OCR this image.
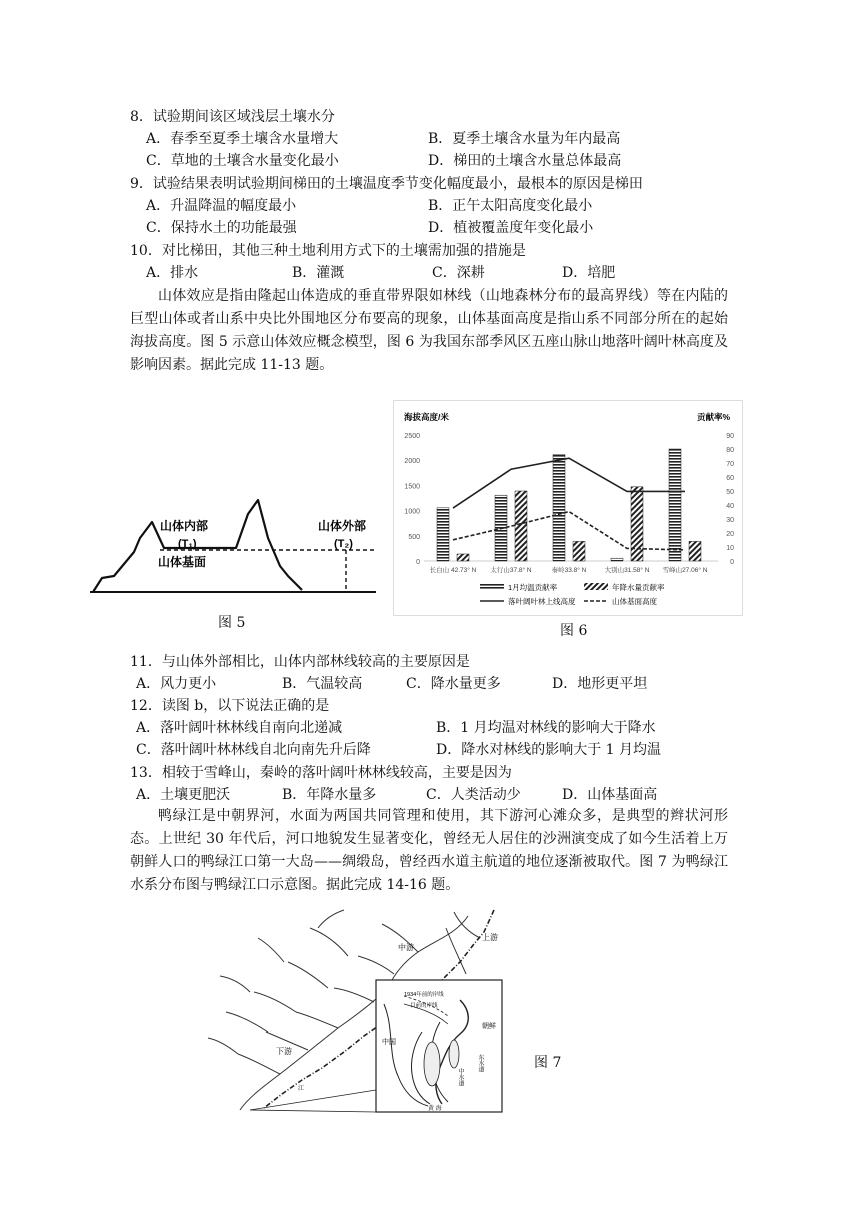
8．试验期间该区域浅层土壤水分
A．春季至夏季土壤含水量增大	B．夏季土壤含水量为年内最高
C．草地的土壤含水量变化最小	D．梯田的土壤含水量总体最高
9．试验结果表明试验期间梯田的土壤温度季节变化幅度最小，最根本的原因是梯田
A．升温降温的幅度最小	B．正午太阳高度变化最小
C．保持水土的功能最强	D．植被覆盖度年变化最小
10．对比梯田，其他三种土地利用方式下的土壤需加强的措施是
A．排水	B．灌溉	C．深耕	D．培肥
山体效应是指由隆起山体造成的垂直带界限如林线（山地森林分布的最高界线）等在内陆的巨型山体或者山系中央比外围地区分布要高的现象，山体基面高度是指山系不同部分所在的起始海拔高度。图 5 示意山体效应概念模型，图 6 为我国东部季风区五座山脉山地落叶阔叶林高度及影响因素。据此完成 11-13 题。
山体内部
(T₁)
山体基面
山体外部
(T₂)
图 5
海拔高度/米	贡献率%
0
500
1000
1500
2000
2500
0
10
20
30
40
50
60
70
80
90
长白山 42.73° N 太行山37.8° N	秦岭33.8° N	大别山31.58° N 雪峰山27.06° N
1月均温贡献率	年降水量贡献率
落叶阔叶林上线高度	山体基面高度
图 6
11．与山体外部相比，山体内部林线较高的主要原因是
A．风力更小	B．气温较高	C．降水量更多	D．地形更平坦
12．读图 b，以下说法正确的是
A．落叶阔叶林林线自南向北递减	B．1 月均温对林线的影响大于降水
C．落叶阔叶林林线自北向南先升后降	D．降水对林线的影响大于 1 月均温
13．相较于雪峰山，秦岭的落叶阔叶林林线较高，主要是因为
A．土壤更肥沃	B．年降水量多	C．人类活动少	D．山体基面高
鸭绿江是中朝界河，水面为两国共同管理和使用，其下游河心滩众多，是典型的辫状河形态。上世纪 30 年代后，河口地貌发生显著变化，曾经无人居住的沙洲演变成了如今生活着上万朝鲜人口的鸭绿江口第一大岛——绸缎岛，曾经西水道主航道的地位逐渐被取代。图 7 为鸭绿江水系分布图与鸭绿江口示意图。据此完成 14-16 题。
1934年前的岸线
目前的岸线
中国
朝鲜
东水道
中水道
黄 海
上游
中游
下游
江
图 7
